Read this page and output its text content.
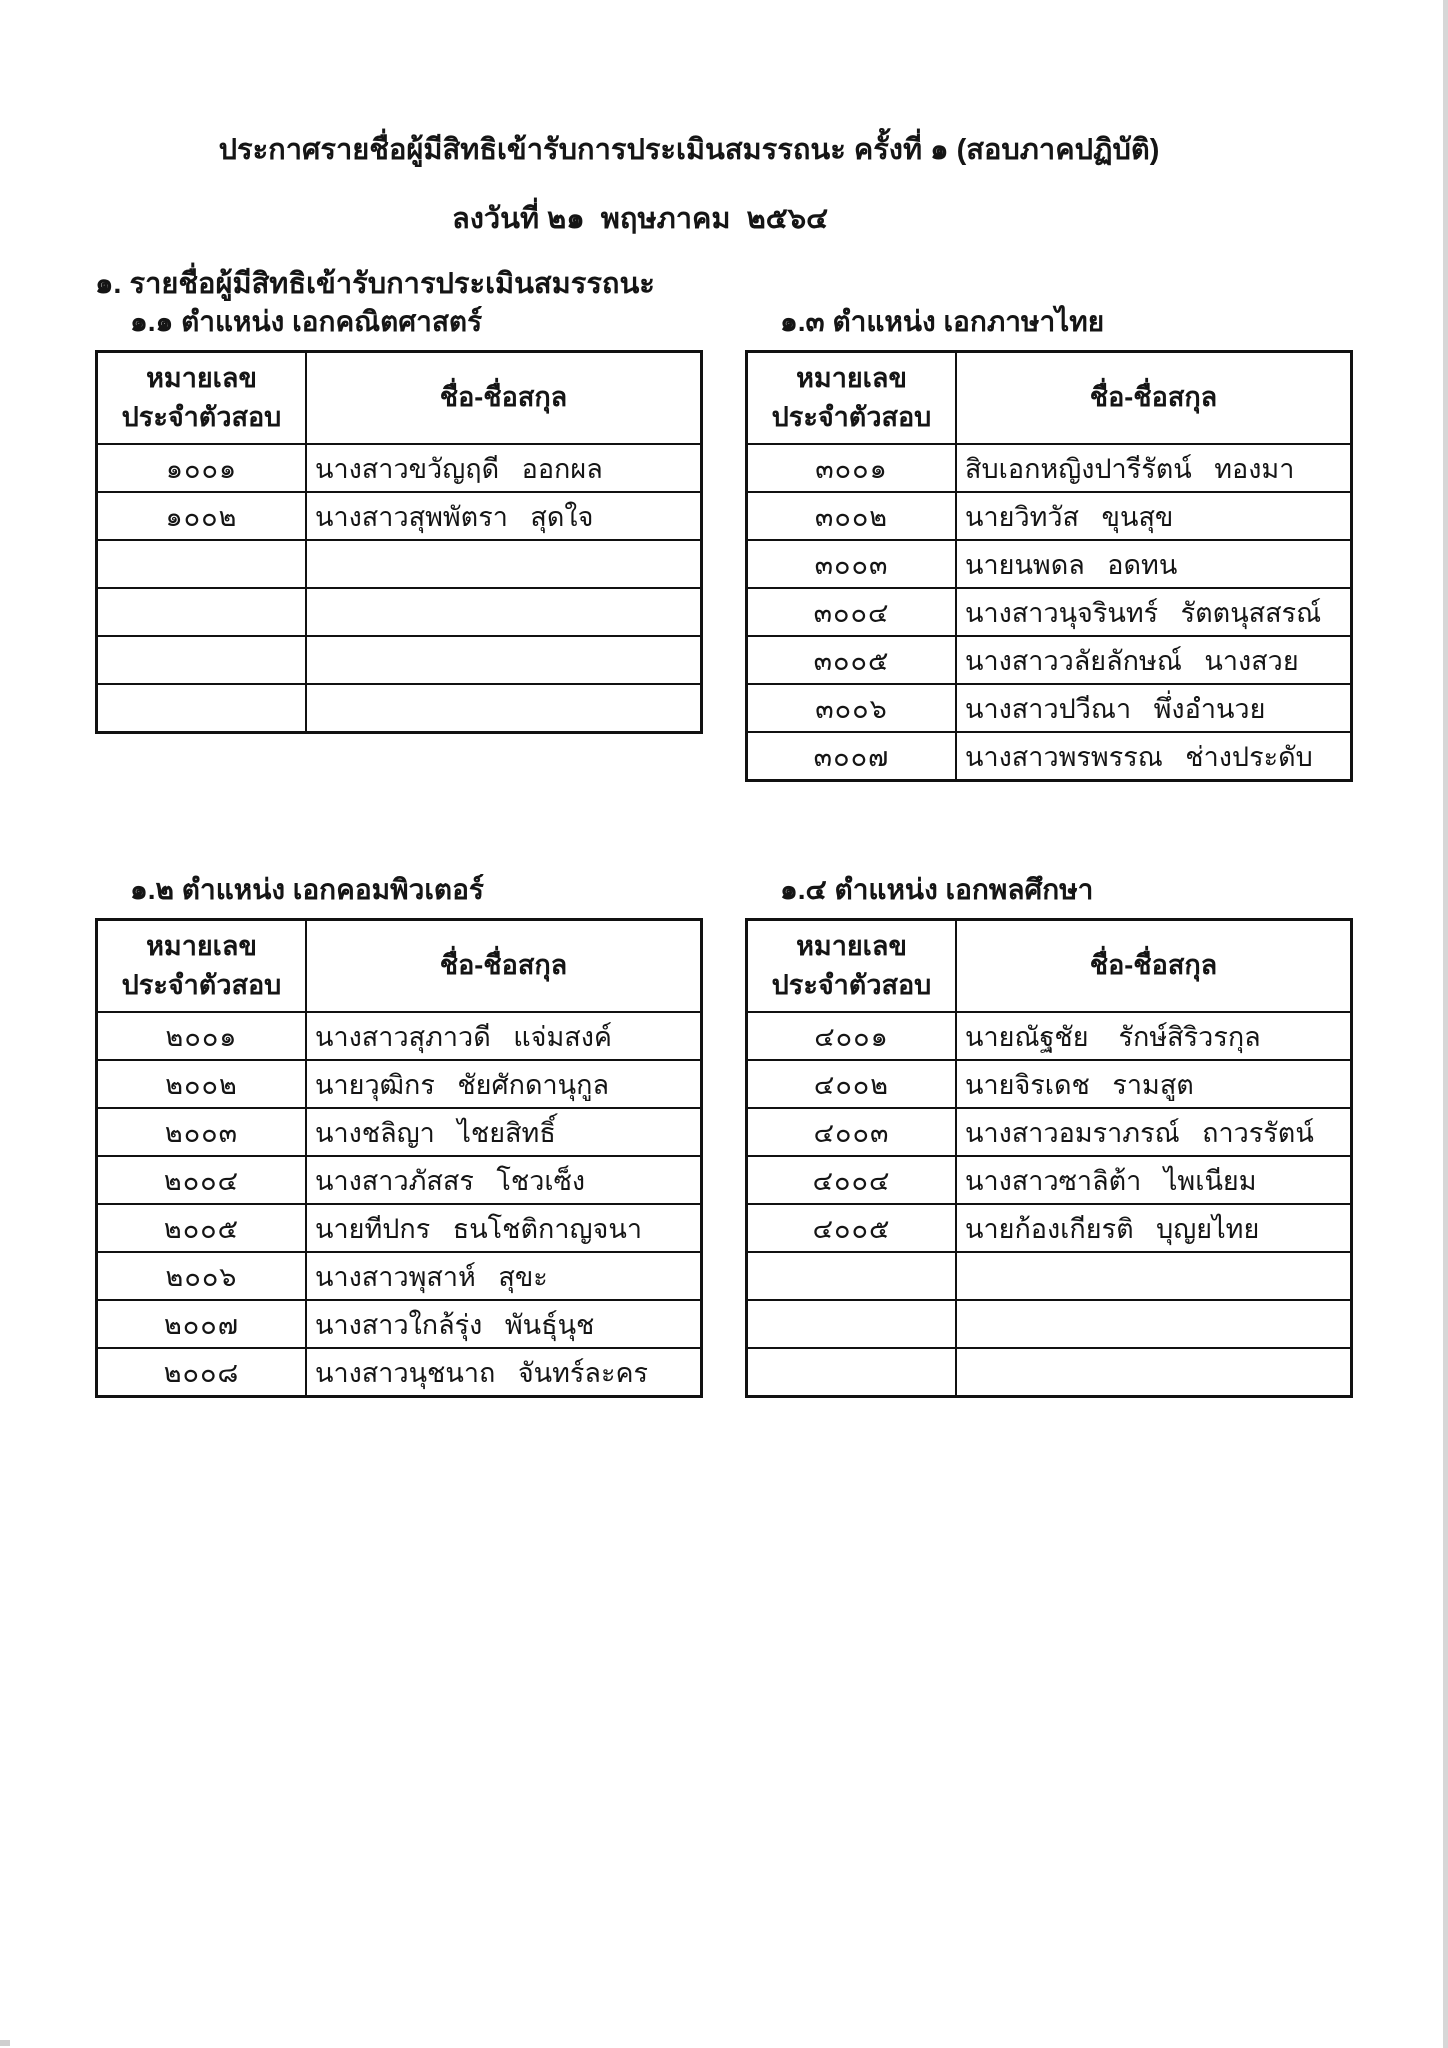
ประกาศรายชื่อผู้มีสิทธิเข้ารับการประเมินสมรรถนะ ครั้งที่ ๑ (สอบภาคปฏิบัติ)
ลงวันที่ ๒๑  พฤษภาคม  ๒๕๖๔
๑. รายชื่อผู้มีสิทธิเข้ารับการประเมินสมรรถนะ
๑.๑ ตำแหน่ง เอกคณิตศาสตร์
หมายเลข
ประจำตัวสอบ	ชื่อ-ชื่อสกุล
๑๐๐๑	นางสาวขวัญฤดี   ออกผล
๑๐๐๒	นางสาวสุพพัตรา   สุดใจ

๑.๓ ตำแหน่ง เอกภาษาไทย
หมายเลข
ประจำตัวสอบ	ชื่อ-ชื่อสกุล
๓๐๐๑	สิบเอกหญิงปารีรัตน์   ทองมา
๓๐๐๒	นายวิทวัส   ขุนสุข
๓๐๐๓	นายนพดล   อดทน
๓๐๐๔	นางสาวนุจรินทร์   รัตตนุสสรณ์
๓๐๐๕	นางสาววลัยลักษณ์   นางสวย
๓๐๐๖	นางสาวปวีณา   พึ่งอำนวย
๓๐๐๗	นางสาวพรพรรณ   ช่างประดับ
๑.๒ ตำแหน่ง เอกคอมพิวเตอร์
หมายเลข
ประจำตัวสอบ	ชื่อ-ชื่อสกุล
๒๐๐๑	นางสาวสุภาวดี   แจ่มสงค์
๒๐๐๒	นายวุฒิกร   ชัยศักดานุกูล
๒๐๐๓	นางชลิญา   ไชยสิทธิ์
๒๐๐๔	นางสาวภัสสร   โชวเซ็ง
๒๐๐๕	นายทีปกร   ธนโชติกาญจนา
๒๐๐๖	นางสาวพุสาห์   สุขะ
๒๐๐๗	นางสาวใกล้รุ่ง   พันธุ์นุช
๒๐๐๘	นางสาวนุชนาถ   จันทร์ละคร
๑.๔ ตำแหน่ง เอกพลศึกษา
หมายเลข
ประจำตัวสอบ	ชื่อ-ชื่อสกุล
๔๐๐๑	นายณัฐชัย    รักษ์สิริวรกุล
๔๐๐๒	นายจิรเดช   รามสูต
๔๐๐๓	นางสาวอมราภรณ์   ถาวรรัตน์
๔๐๐๔	นางสาวซาลิต้า   ไพเนียม
๔๐๐๕	นายก้องเกียรติ   บุญยไทย
